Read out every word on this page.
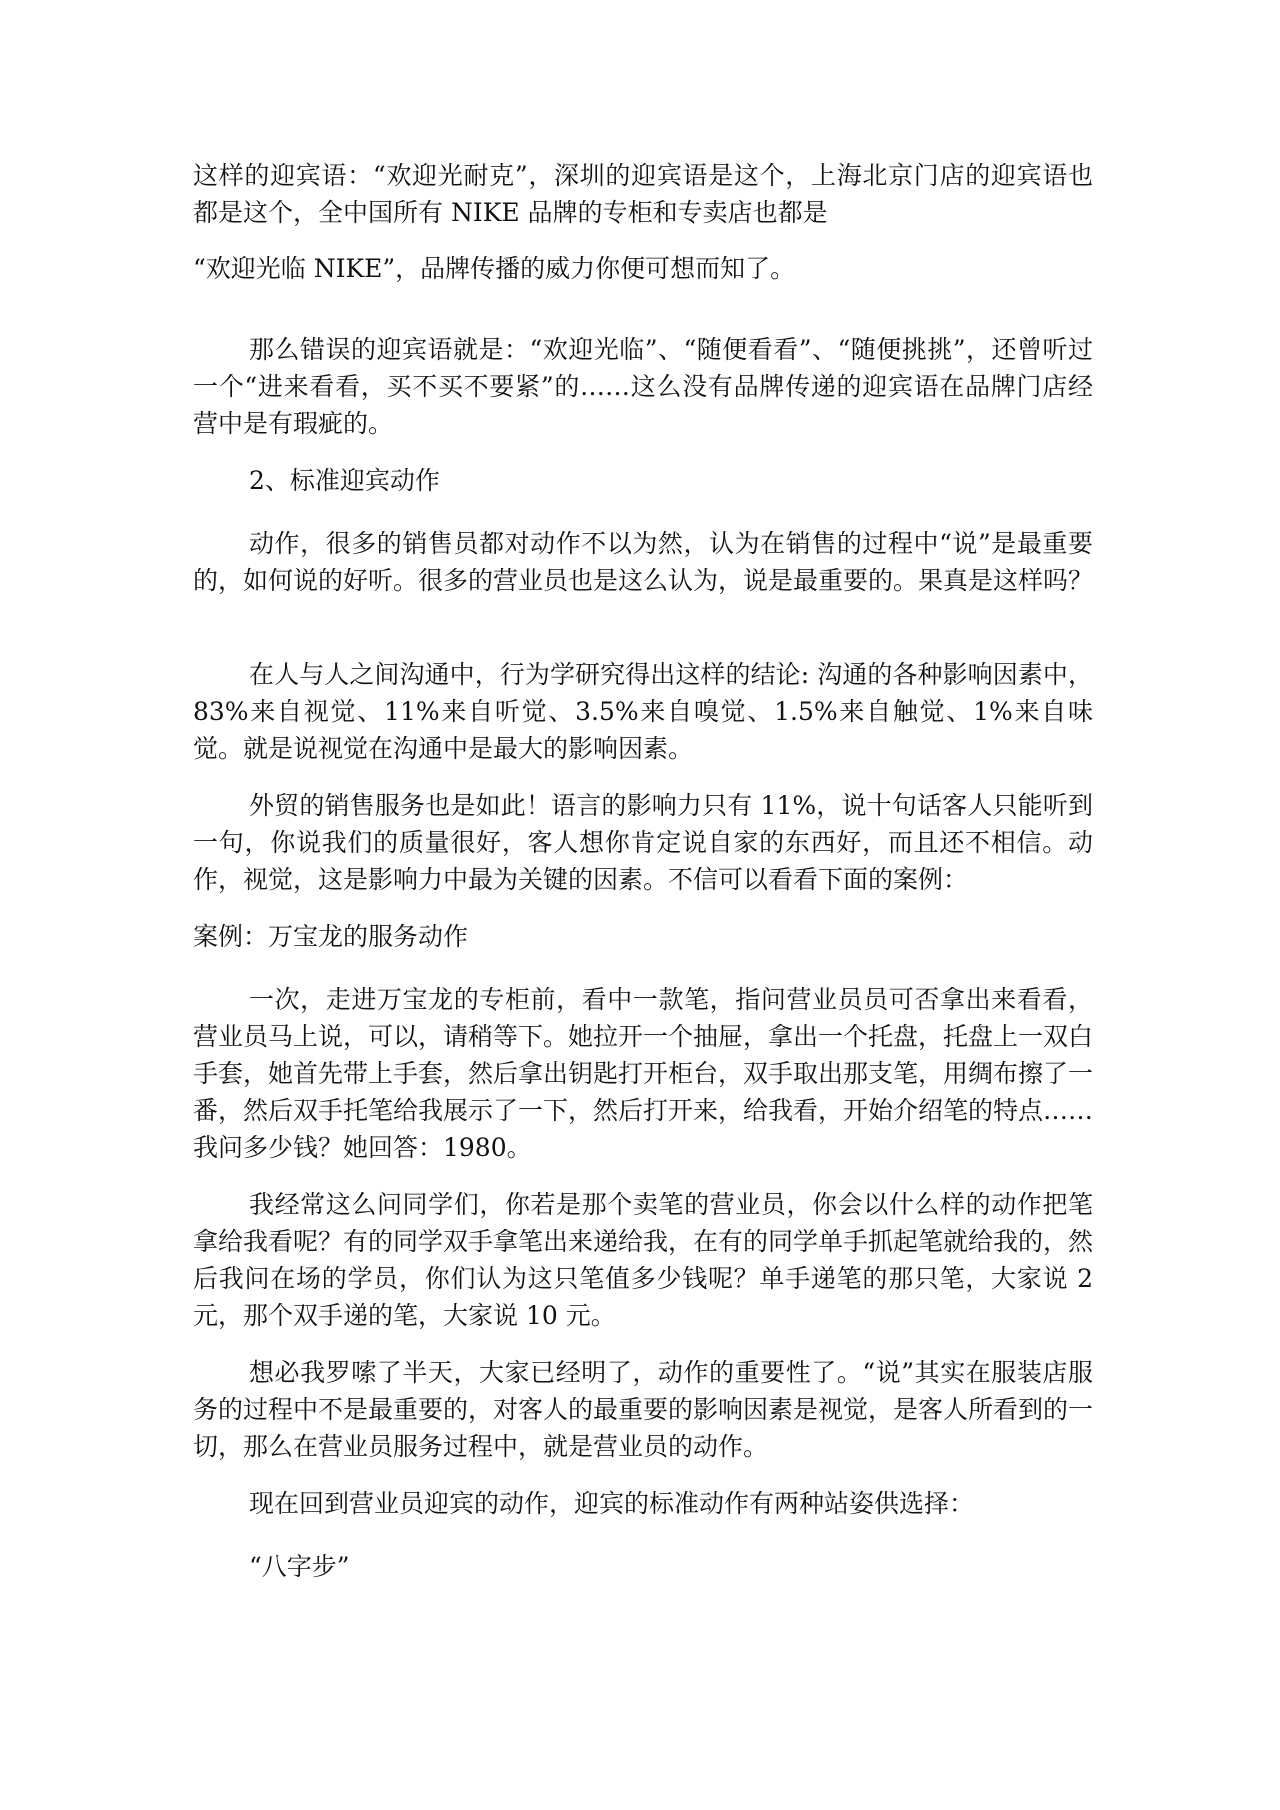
这样的迎宾语：“欢迎光耐克”，深圳的迎宾语是这个，上海北京门店的迎宾语也都是这个，全中国所有 NIKE 品牌的专柜和专卖店也都是

“欢迎光临 NIKE”，品牌传播的威力你便可想而知了。

那么错误的迎宾语就是：“欢迎光临”、“随便看看”、“随便挑挑”，还曾听过一个“进来看看，买不买不要紧”的……这么没有品牌传递的迎宾语在品牌门店经营中是有瑕疵的。

2、标准迎宾动作

动作，很多的销售员都对动作不以为然，认为在销售的过程中“说”是最重要的，如何说的好听。很多的营业员也是这么认为，说是最重要的。果真是这样吗？

在人与人之间沟通中，行为学研究得出这样的结论: 沟通的各种影响因素中，83%来自视觉、11%来自听觉、3.5%来自嗅觉、1.5%来自触觉、1%来自味觉。就是说视觉在沟通中是最大的影响因素。

外贸的销售服务也是如此！语言的影响力只有 11%，说十句话客人只能听到一句，你说我们的质量很好，客人想你肯定说自家的东西好，而且还不相信。动作，视觉，这是影响力中最为关键的因素。不信可以看看下面的案例：

案例：万宝龙的服务动作

一次，走进万宝龙的专柜前，看中一款笔，指问营业员员可否拿出来看看，营业员马上说，可以，请稍等下。她拉开一个抽屉，拿出一个托盘，托盘上一双白手套，她首先带上手套，然后拿出钥匙打开柜台，双手取出那支笔，用绸布擦了一番，然后双手托笔给我展示了一下，然后打开来，给我看，开始介绍笔的特点……我问多少钱？她回答：1980。

我经常这么问同学们，你若是那个卖笔的营业员，你会以什么样的动作把笔拿给我看呢？有的同学双手拿笔出来递给我，在有的同学单手抓起笔就给我的，然后我问在场的学员，你们认为这只笔值多少钱呢？单手递笔的那只笔，大家说 2 元，那个双手递的笔，大家说 10 元。

想必我罗嗦了半天，大家已经明了，动作的重要性了。“说”其实在服装店服务的过程中不是最重要的，对客人的最重要的影响因素是视觉，是客人所看到的一切，那么在营业员服务过程中，就是营业员的动作。

现在回到营业员迎宾的动作，迎宾的标准动作有两种站姿供选择：

“八字步”
